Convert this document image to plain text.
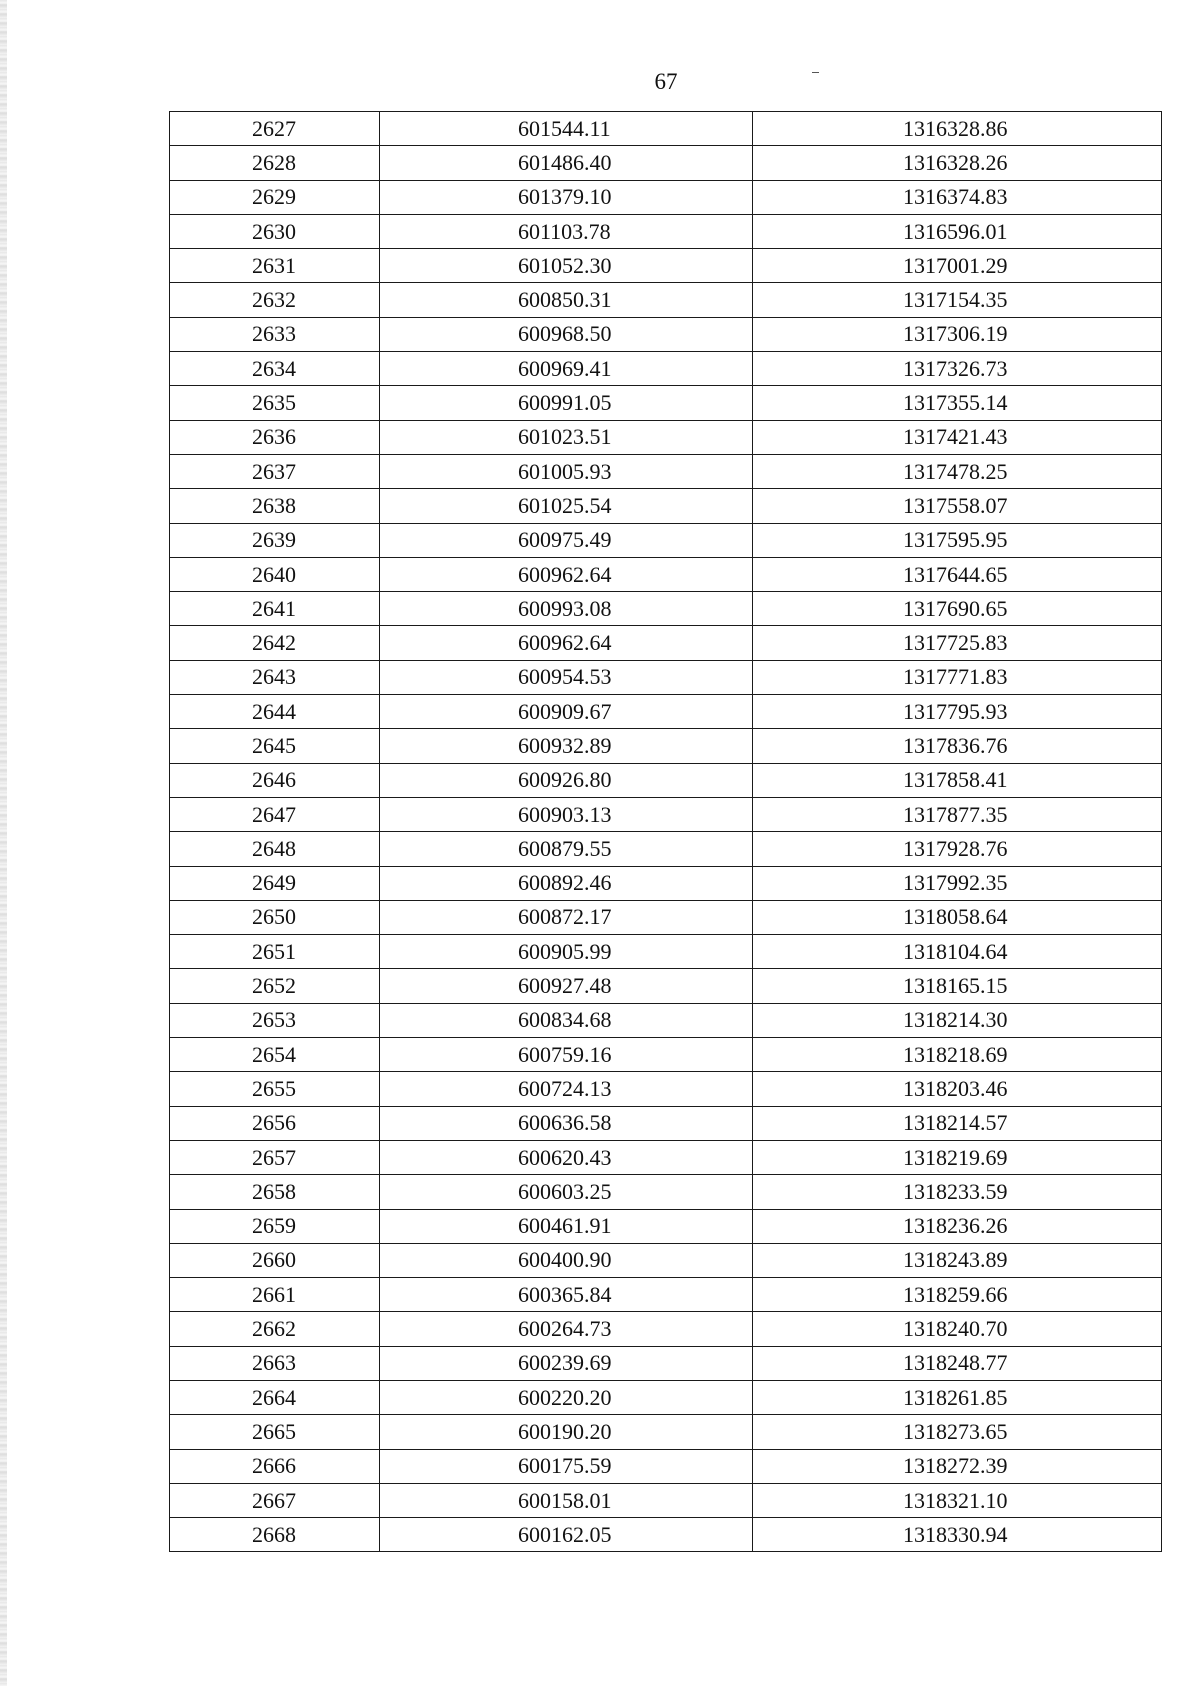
67
2627	601544.11	1316328.86
2628	601486.40	1316328.26
2629	601379.10	1316374.83
2630	601103.78	1316596.01
2631	601052.30	1317001.29
2632	600850.31	1317154.35
2633	600968.50	1317306.19
2634	600969.41	1317326.73
2635	600991.05	1317355.14
2636	601023.51	1317421.43
2637	601005.93	1317478.25
2638	601025.54	1317558.07
2639	600975.49	1317595.95
2640	600962.64	1317644.65
2641	600993.08	1317690.65
2642	600962.64	1317725.83
2643	600954.53	1317771.83
2644	600909.67	1317795.93
2645	600932.89	1317836.76
2646	600926.80	1317858.41
2647	600903.13	1317877.35
2648	600879.55	1317928.76
2649	600892.46	1317992.35
2650	600872.17	1318058.64
2651	600905.99	1318104.64
2652	600927.48	1318165.15
2653	600834.68	1318214.30
2654	600759.16	1318218.69
2655	600724.13	1318203.46
2656	600636.58	1318214.57
2657	600620.43	1318219.69
2658	600603.25	1318233.59
2659	600461.91	1318236.26
2660	600400.90	1318243.89
2661	600365.84	1318259.66
2662	600264.73	1318240.70
2663	600239.69	1318248.77
2664	600220.20	1318261.85
2665	600190.20	1318273.65
2666	600175.59	1318272.39
2667	600158.01	1318321.10
2668	600162.05	1318330.94
